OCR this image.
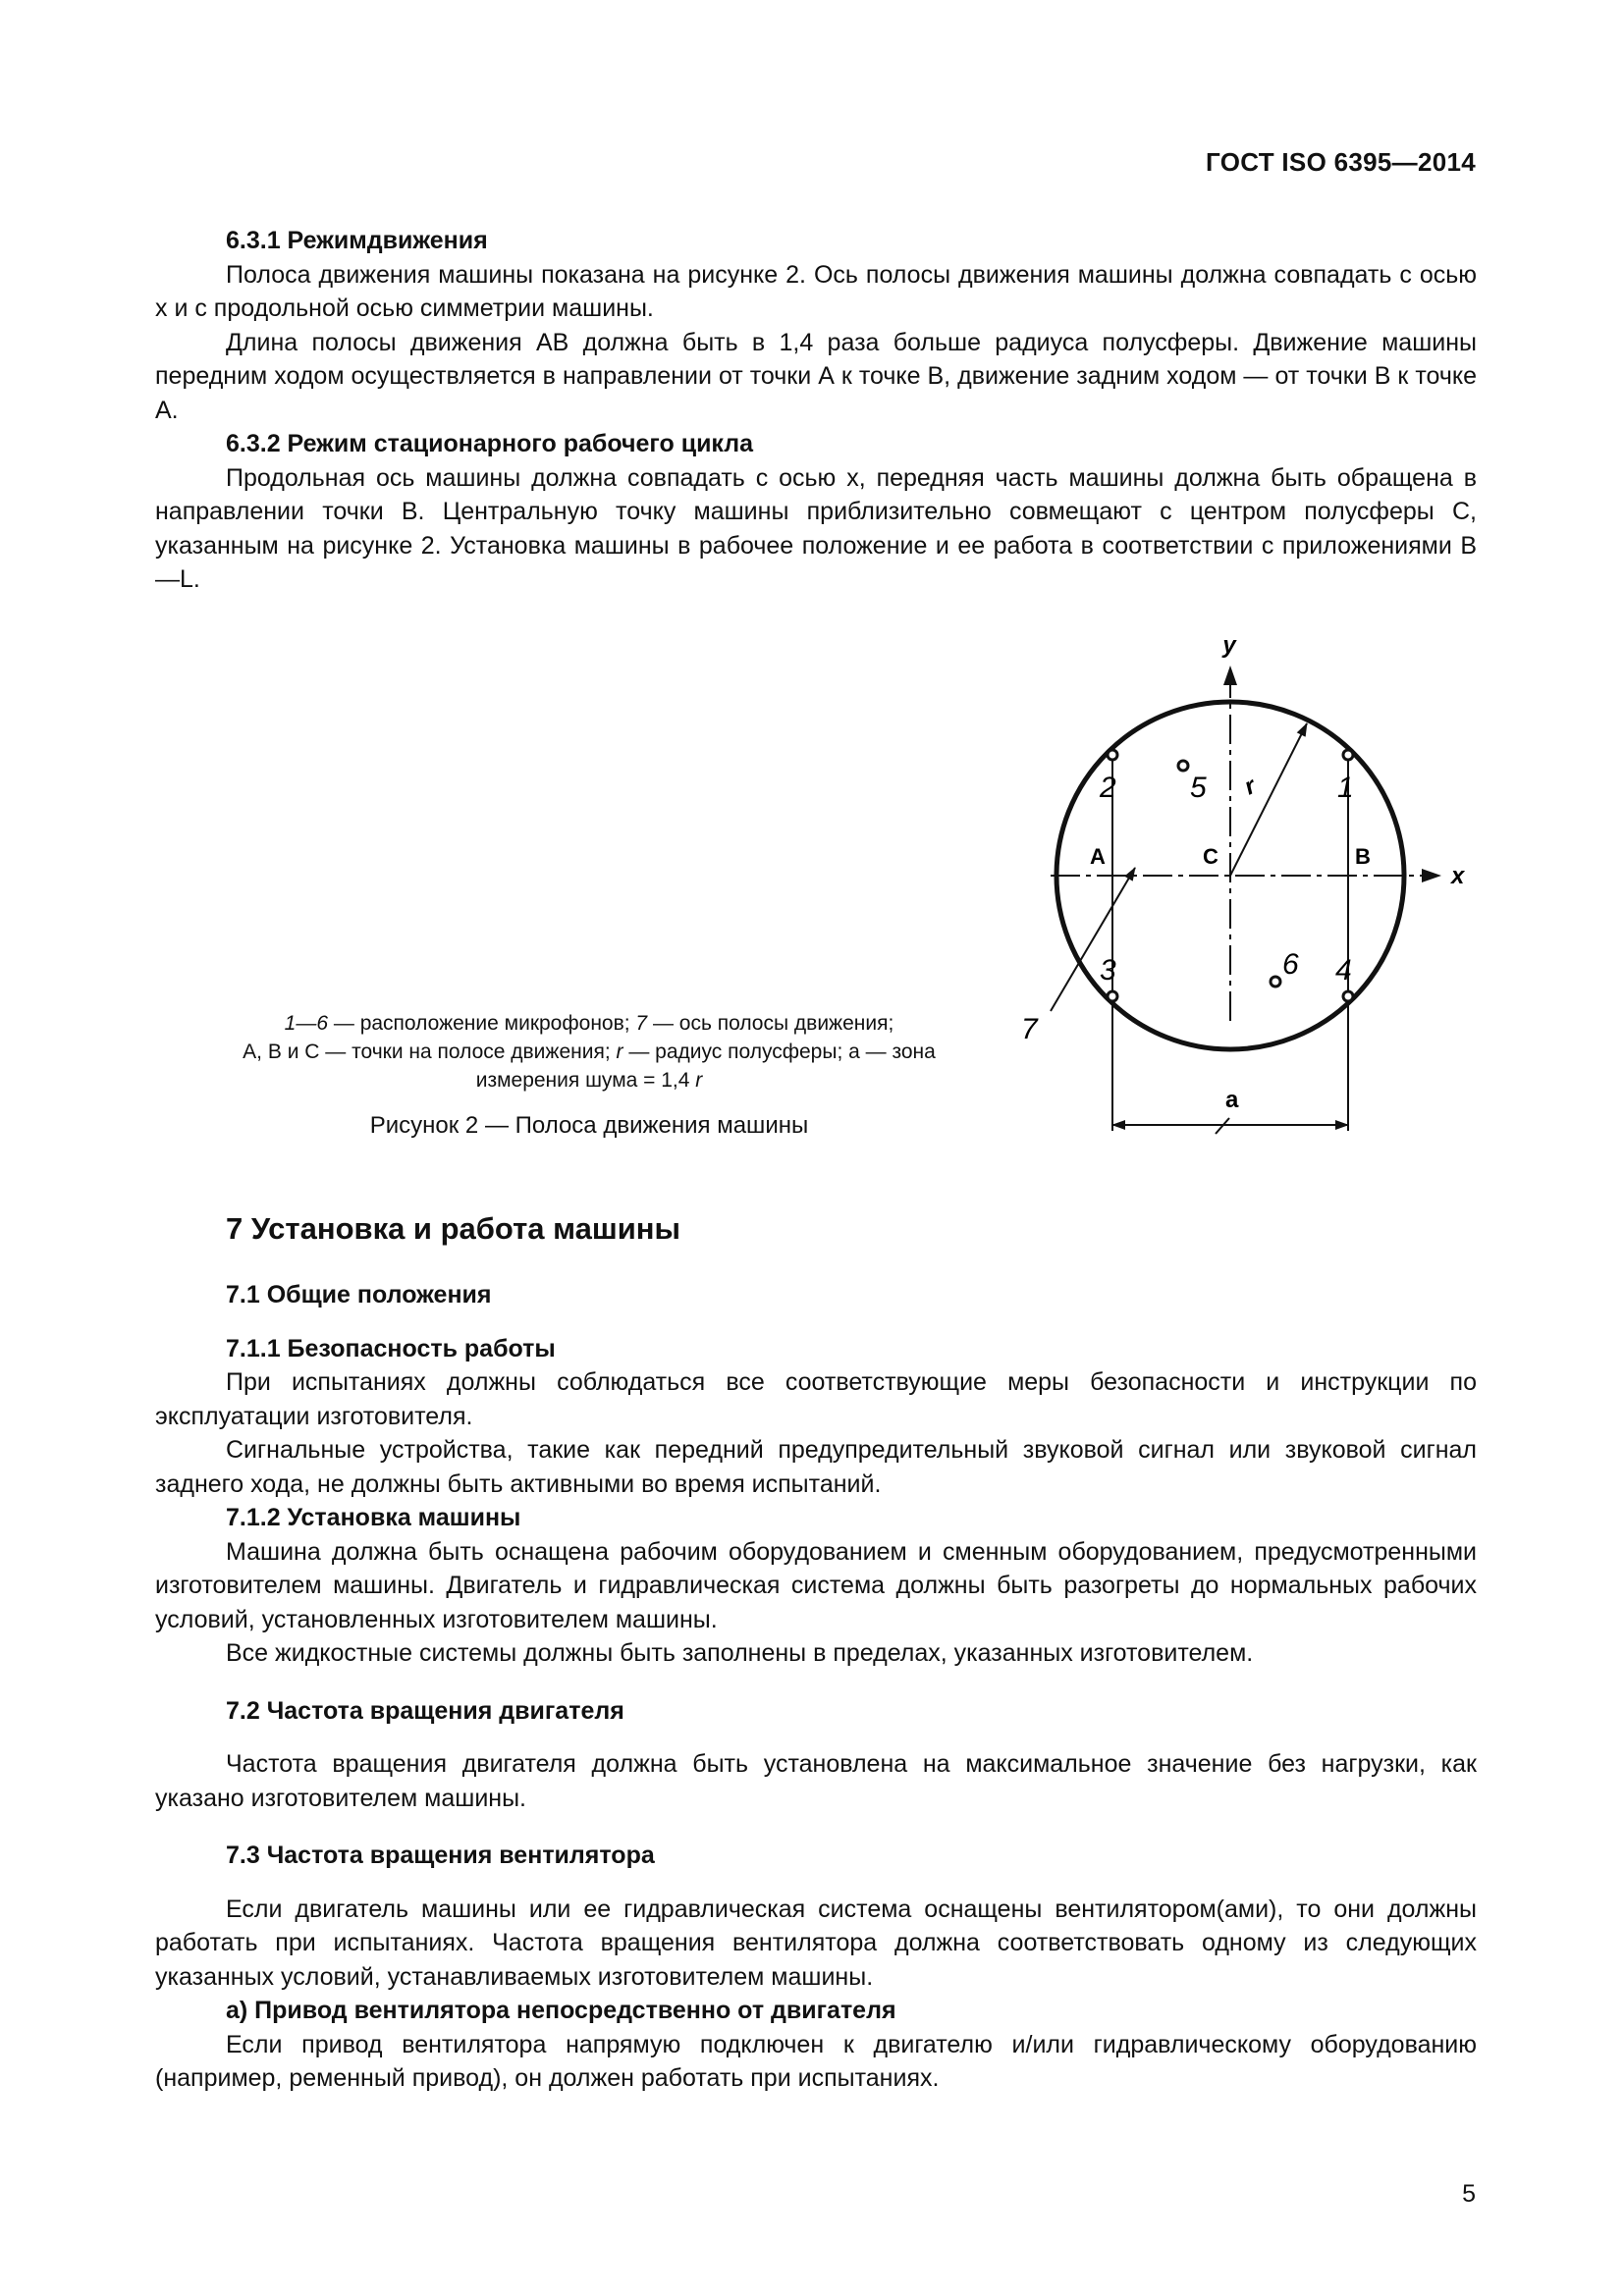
ГОСТ ISO 6395—2014
6.3.1 Режимдвижения

Полоса движения машины показана на рисунке 2. Ось полосы движения машины должна совпадать с осью x и с продольной осью симметрии машины.

Длина полосы движения AB должна быть в 1,4 раза больше радиуса полусферы. Движение машины передним ходом осуществляется в направлении от точки А к точке В, движение задним ходом — от точки В к точке А.

6.3.2 Режим стационарного рабочего цикла

Продольная ось машины должна совпадать с осью x, передняя часть машины должна быть обращена в направлении точки В. Центральную точку машины приблизительно совмещают с центром полусферы С, указанным на рисунке 2. Установка машины в рабочее положение и ее работа в соответствии с приложениями B—L.

y
x
A	C	B
r
7
2	1
3	4
5
6
a
1—6 — расположение микрофонов; 7 — ось полосы движения;
А, В и С — точки на полосе движения; r — радиус полусферы; а — зона измерения шума = 1,4 r
Рисунок 2 — Полоса движения машины
7 Установка и работа машины
7.1 Общие положения
7.1.1 Безопасность работы

При испытаниях должны соблюдаться все соответствующие меры безопасности и инструкции по эксплуатации изготовителя.

Сигнальные устройства, такие как передний предупредительный звуковой сигнал или звуковой сигнал заднего хода, не должны быть активными во время испытаний.

7.1.2 Установка машины

Машина должна быть оснащена рабочим оборудованием и сменным оборудованием, предусмотренными изготовителем машины. Двигатель и гидравлическая система должны быть разогреты до нормальных рабочих условий, установленных изготовителем машины.

Все жидкостные системы должны быть заполнены в пределах, указанных изготовителем.

7.2 Частота вращения двигателя

Частота вращения двигателя должна быть установлена на максимальное значение без нагрузки, как указано изготовителем машины.

7.3 Частота вращения вентилятора

Если двигатель машины или ее гидравлическая система оснащены вентилятором(ами), то они должны работать при испытаниях. Частота вращения вентилятора должна соответствовать одному из следующих указанных условий, устанавливаемых изготовителем машины.

a) Привод вентилятора непосредственно от двигателя

Если привод вентилятора напрямую подключен к двигателю и/или гидравлическому оборудованию (например, ременный привод), он должен работать при испытаниях.

5
